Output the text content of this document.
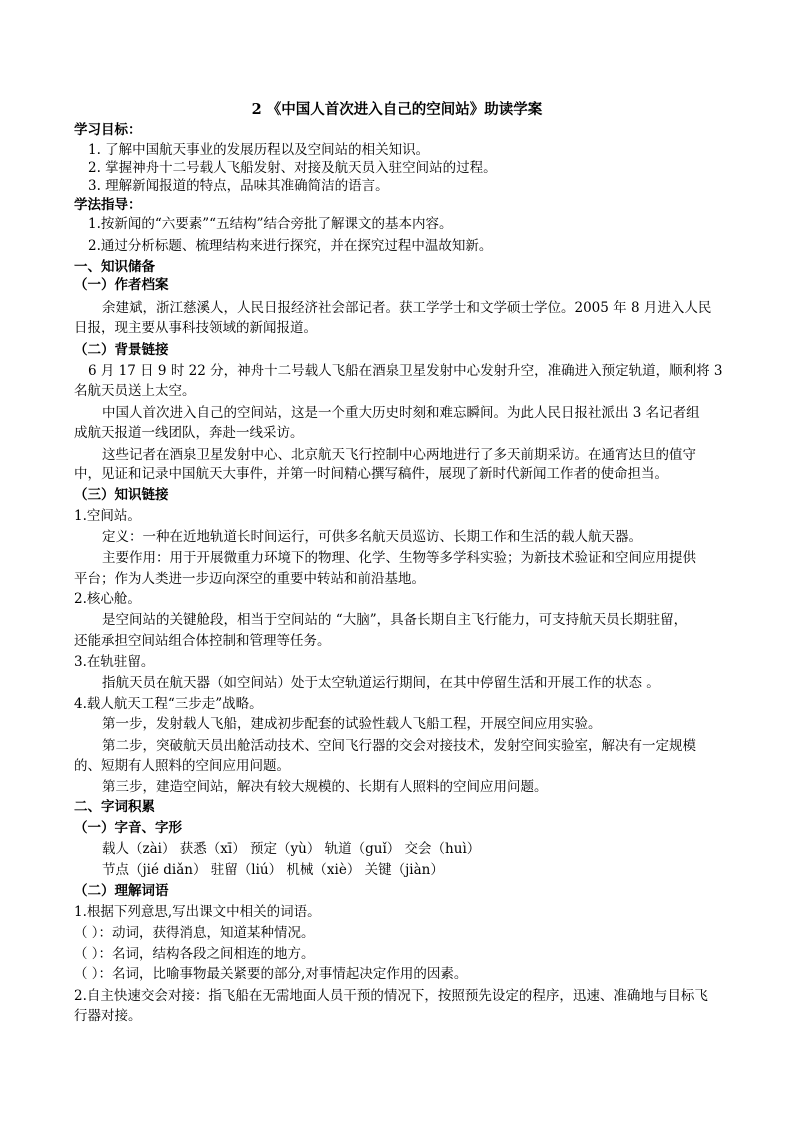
2 《中国人首次进入自己的空间站》助读学案
学习目标：
1. 了解中国航天事业的发展历程以及空间站的相关知识。
2. 掌握神舟十二号载人飞船发射、对接及航天员入驻空间站的过程。
3. 理解新闻报道的特点，品味其准确简洁的语言。
学法指导：
1.按新闻的“六要素”“五结构”结合旁批了解课文的基本内容。
2.通过分析标题、梳理结构来进行探究，并在探究过程中温故知新。
一、知识储备
（一）作者档案
余建斌，浙江慈溪人，人民日报经济社会部记者。获工学学士和文学硕士学位。2005 年 8 月进入人民
日报，现主要从事科技领域的新闻报道。
（二）背景链接
6 月 17 日 9 时 22 分，神舟十二号载人飞船在酒泉卫星发射中心发射升空，准确进入预定轨道，顺利将 3
名航天员送上太空。
中国人首次进入自己的空间站，这是一个重大历史时刻和难忘瞬间。为此人民日报社派出 3 名记者组
成航天报道一线团队，奔赴一线采访。
这些记者在酒泉卫星发射中心、北京航天飞行控制中心两地进行了多天前期采访。在通宵达旦的值守
中，见证和记录中国航天大事件，并第一时间精心撰写稿件，展现了新时代新闻工作者的使命担当。
（三）知识链接
1.空间站。
定义：一种在近地轨道长时间运行，可供多名航天员巡访、长期工作和生活的载人航天器。
主要作用：用于开展微重力环境下的物理、化学、生物等多学科实验；为新技术验证和空间应用提供
平台；作为人类进一步迈向深空的重要中转站和前沿基地。
2.核心舱。
是空间站的关键舱段，相当于空间站的 “大脑”，具备长期自主飞行能力，可支持航天员长期驻留，
还能承担空间站组合体控制和管理等任务。
3.在轨驻留。
指航天员在航天器（如空间站）处于太空轨道运行期间，在其中停留生活和开展工作的状态 。
4.载人航天工程“三步走”战略。
第一步，发射载人飞船，建成初步配套的试验性载人飞船工程，开展空间应用实验。
第二步，突破航天员出舱活动技术、空间飞行器的交会对接技术，发射空间实验室，解决有一定规模
的、短期有人照料的空间应用问题。
第三步，建造空间站，解决有较大规模的、长期有人照料的空间应用问题。
二、字词积累
（一）字音、字形
载人（zài） 获悉（xī） 预定（yù） 轨道（guǐ） 交会（huì）
节点（jié diǎn） 驻留（liú） 机械（xiè） 关键（jiàn）
（二）理解词语
1.根据下列意思,写出课文中相关的词语。
（ ）：动词，获得消息，知道某种情况。
（ ）：名词，结构各段之间相连的地方。
（ ）：名词，比喻事物最关紧要的部分,对事情起决定作用的因素。
2.自主快速交会对接：指飞船在无需地面人员干预的情况下，按照预先设定的程序，迅速、准确地与目标飞
行器对接。
